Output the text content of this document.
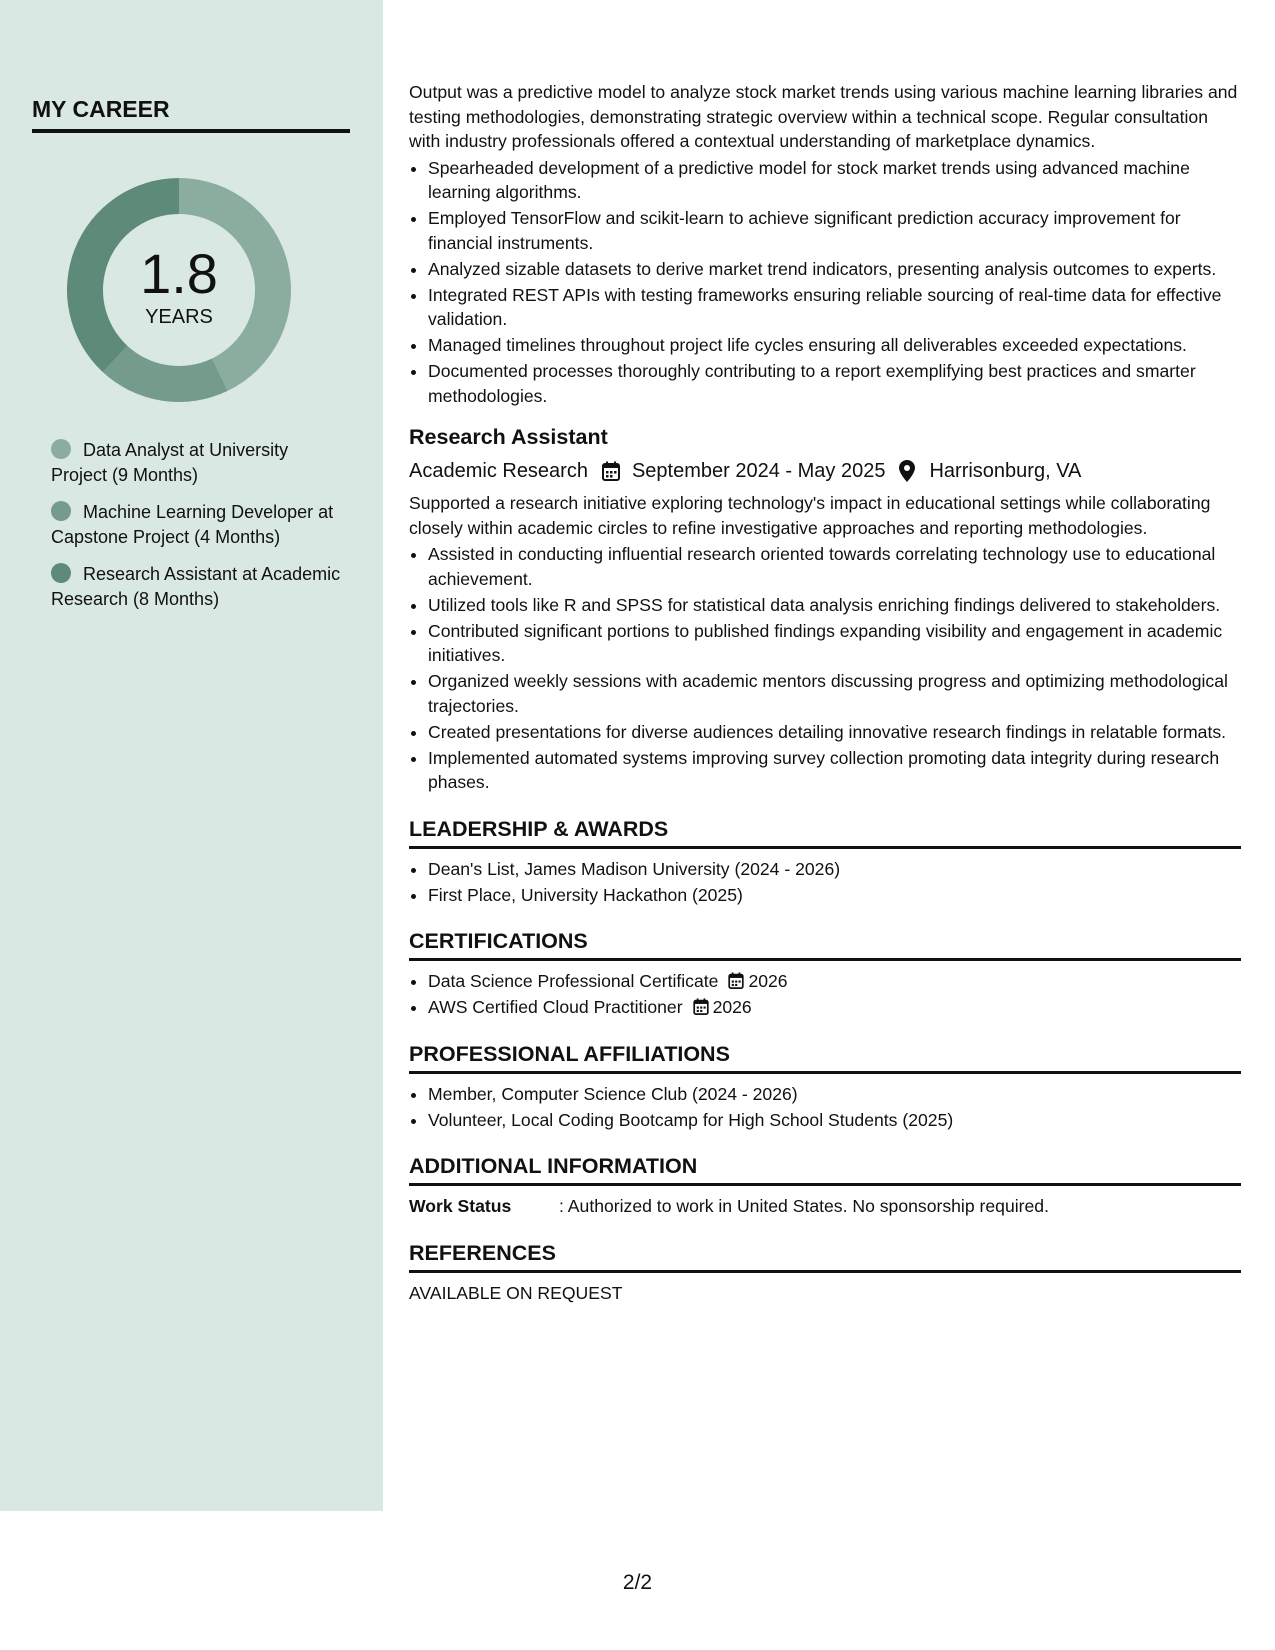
MY CAREER
1.8
YEARS
Data Analyst at University Project (9 Months)
Machine Learning Developer at Capstone Project (4 Months)
Research Assistant at Academic Research (8 Months)

Output was a predictive model to analyze stock market trends using various machine learning libraries and testing methodologies, demonstrating strategic overview within a technical scope. Regular consultation with industry professionals offered a contextual understanding of marketplace dynamics.

• Spearheaded development of a predictive model for stock market trends using advanced machine learning algorithms.
• Employed TensorFlow and scikit-learn to achieve significant prediction accuracy improvement for financial instruments.
• Analyzed sizable datasets to derive market trend indicators, presenting analysis outcomes to experts.
• Integrated REST APIs with testing frameworks ensuring reliable sourcing of real-time data for effective validation.
• Managed timelines throughout project life cycles ensuring all deliverables exceeded expectations.
• Documented processes thoroughly contributing to a report exemplifying best practices and smarter methodologies.
Research Assistant
Academic Research September 2024 - May 2025 Harrisonburg, VA

Supported a research initiative exploring technology's impact in educational settings while collaborating closely within academic circles to refine investigative approaches and reporting methodologies.

• Assisted in conducting influential research oriented towards correlating technology use to educational achievement.
• Utilized tools like R and SPSS for statistical data analysis enriching findings delivered to stakeholders.
• Contributed significant portions to published findings expanding visibility and engagement in academic initiatives.
• Organized weekly sessions with academic mentors discussing progress and optimizing methodological trajectories.
• Created presentations for diverse audiences detailing innovative research findings in relatable formats.
• Implemented automated systems improving survey collection promoting data integrity during research phases.
LEADERSHIP & AWARDS
• Dean's List, James Madison University (2024 - 2026)
• First Place, University Hackathon (2025)
CERTIFICATIONS
• Data Science Professional Certificate 2026
• AWS Certified Cloud Practitioner 2026
PROFESSIONAL AFFILIATIONS
• Member, Computer Science Club (2024 - 2026)
• Volunteer, Local Coding Bootcamp for High School Students (2025)
ADDITIONAL INFORMATION
Work Status	: Authorized to work in United States. No sponsorship required.
REFERENCES

AVAILABLE ON REQUEST

2/2
